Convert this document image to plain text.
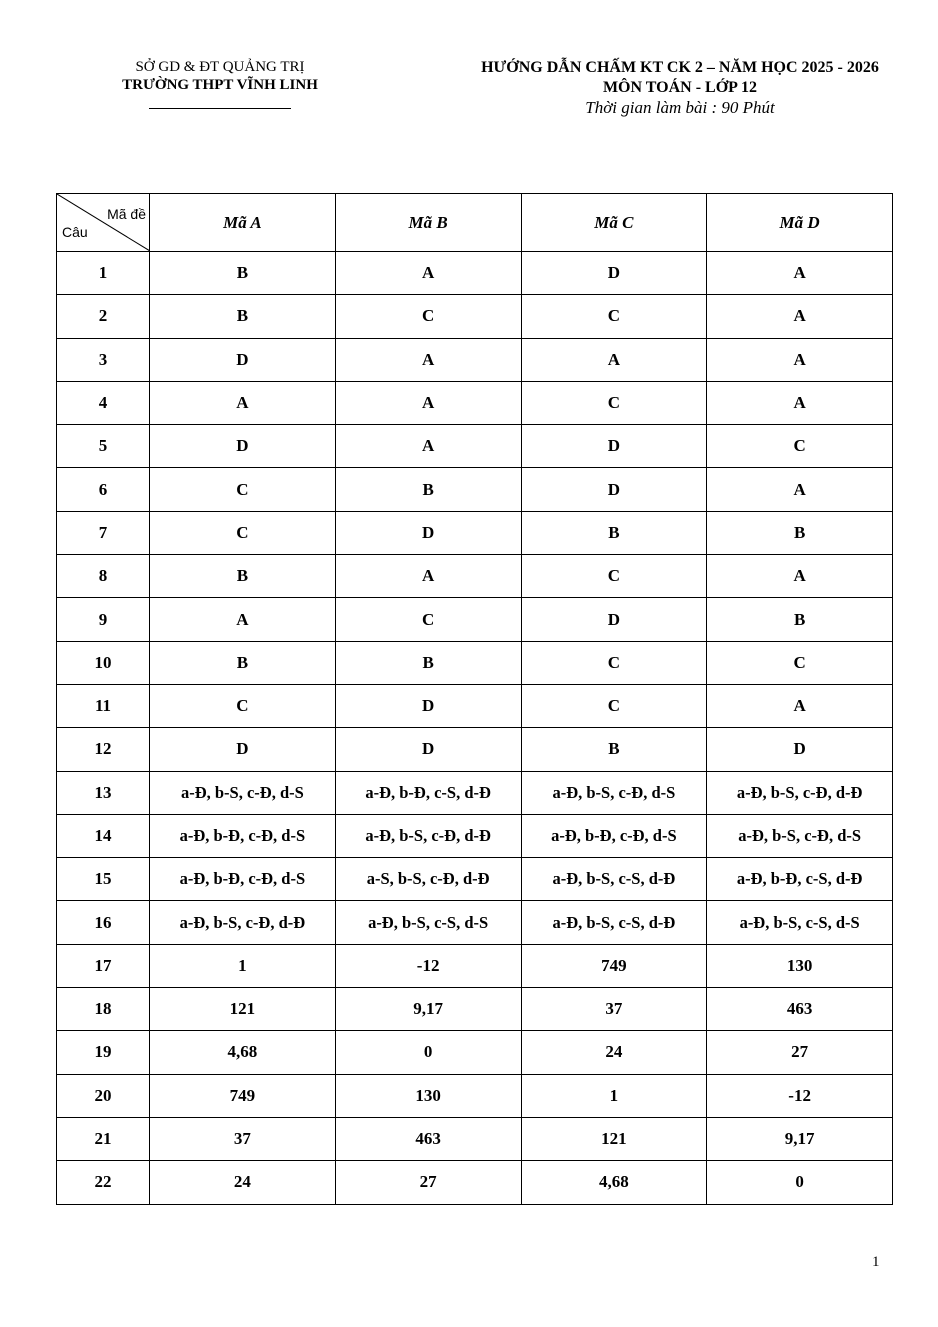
SỞ GD & ĐT QUẢNG TRỊ
TRƯỜNG THPT VĨNH LINH
HƯỚNG DẪN CHẤM KT CK 2 – NĂM HỌC 2025 - 2026
MÔN TOÁN - LỚP 12
Thời gian làm bài : 90 Phút
Mã đề
Câu	Mã A	Mã B	Mã C	Mã D
1	B	A	D	A
2	B	C	C	A
3	D	A	A	A
4	A	A	C	A
5	D	A	D	C
6	C	B	D	A
7	C	D	B	B
8	B	A	C	A
9	A	C	D	B
10	B	B	C	C
11	C	D	C	A
12	D	D	B	D
13	a-Đ, b-S, c-Đ, d-S	a-Đ, b-Đ, c-S, d-Đ	a-Đ, b-S, c-Đ, d-S	a-Đ, b-S, c-Đ, d-Đ
14	a-Đ, b-Đ, c-Đ, d-S	a-Đ, b-S, c-Đ, d-Đ	a-Đ, b-Đ, c-Đ, d-S	a-Đ, b-S, c-Đ, d-S
15	a-Đ, b-Đ, c-Đ, d-S	a-S, b-S, c-Đ, d-Đ	a-Đ, b-S, c-S, d-Đ	a-Đ, b-Đ, c-S, d-Đ
16	a-Đ, b-S, c-Đ, d-Đ	a-Đ, b-S, c-S, d-S	a-Đ, b-S, c-S, d-Đ	a-Đ, b-S, c-S, d-S
17	1	-12	749	130
18	121	9,17	37	463
19	4,68	0	24	27
20	749	130	1	-12
21	37	463	121	9,17
22	24	27	4,68	0
1
